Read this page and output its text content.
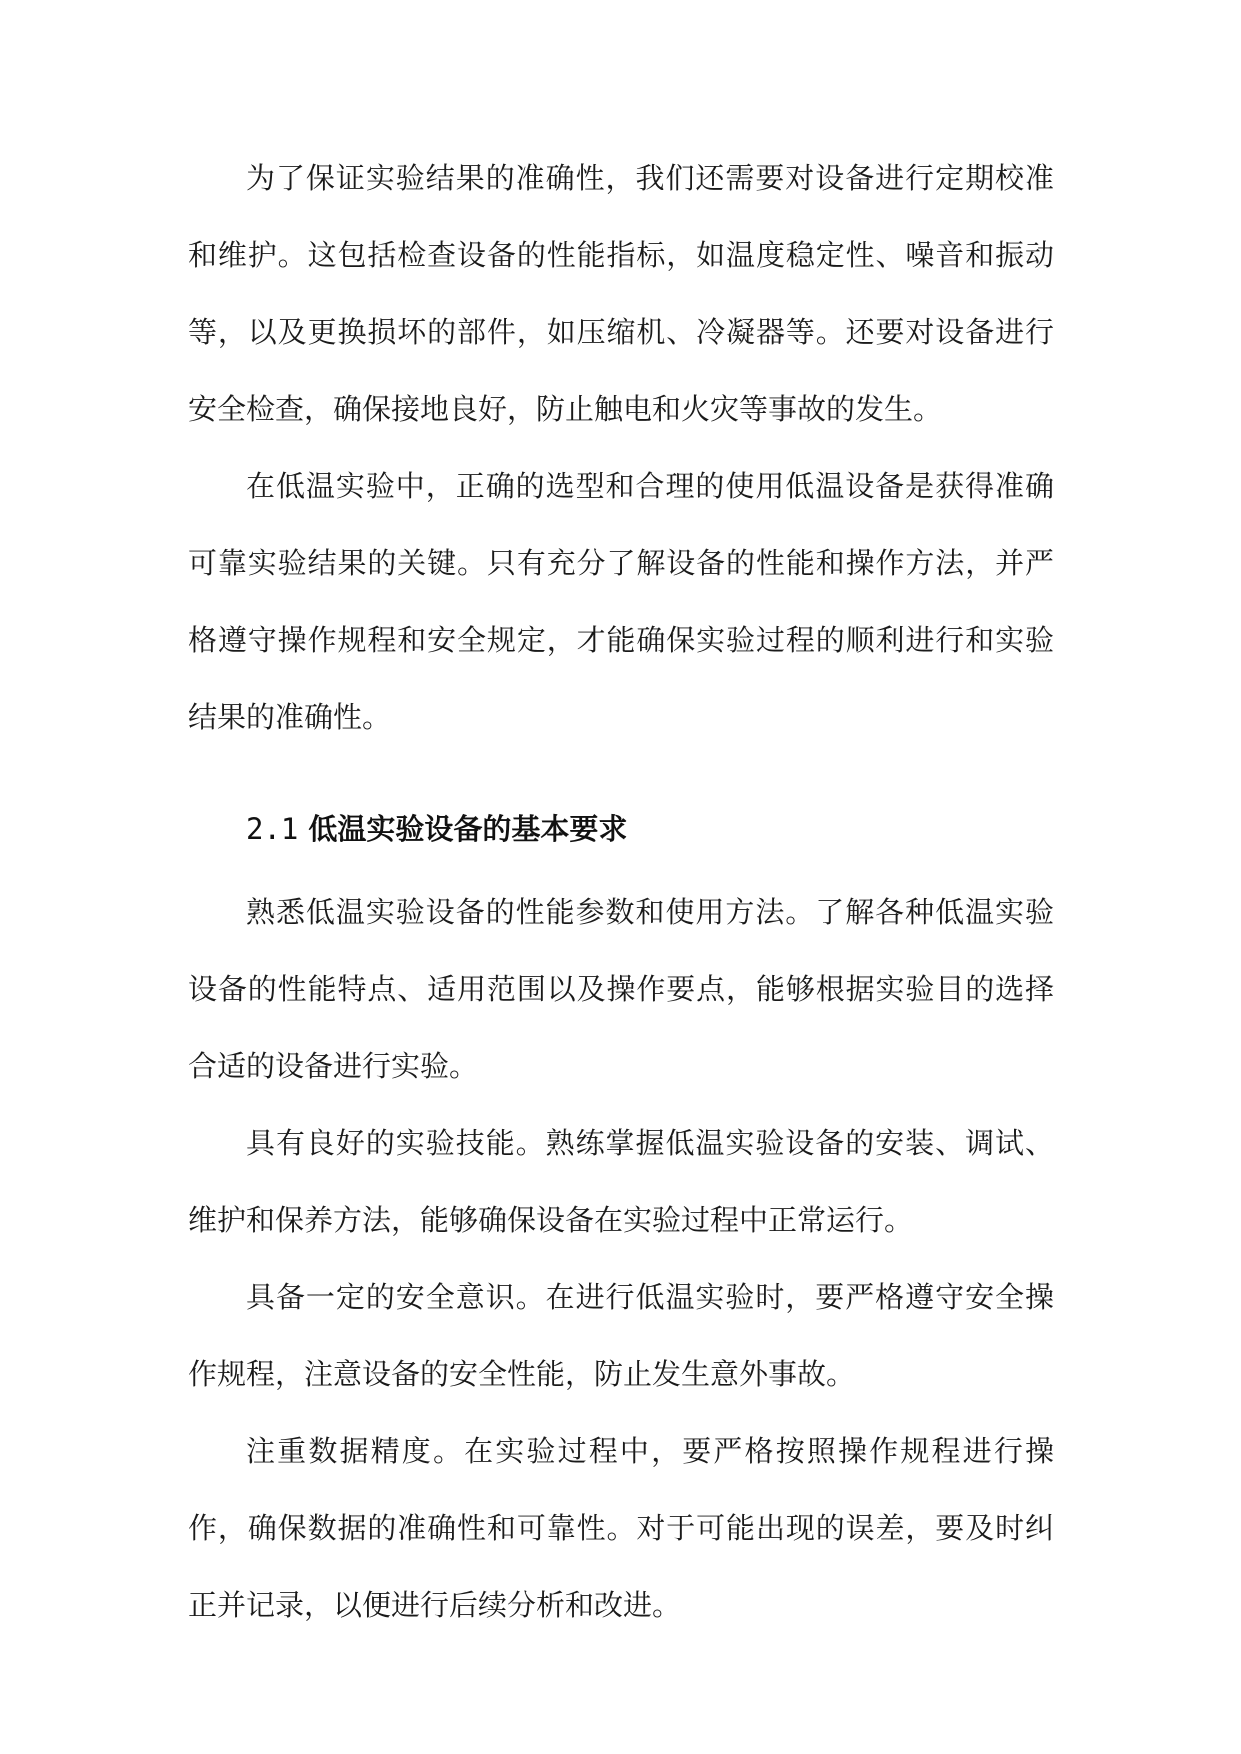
为了保证实验结果的准确性，我们还需要对设备进行定期校准和维护。这包括检查设备的性能指标，如温度稳定性、噪音和振动等，以及更换损坏的部件，如压缩机、冷凝器等。还要对设备进行安全检查，确保接地良好，防止触电和火灾等事故的发生。

在低温实验中，正确的选型和合理的使用低温设备是获得准确可靠实验结果的关键。只有充分了解设备的性能和操作方法，并严格遵守操作规程和安全规定，才能确保实验过程的顺利进行和实验结果的准确性。

2.1 低温实验设备的基本要求

熟悉低温实验设备的性能参数和使用方法。了解各种低温实验设备的性能特点、适用范围以及操作要点，能够根据实验目的选择合适的设备进行实验。

具有良好的实验技能。熟练掌握低温实验设备的安装、调试、维护和保养方法，能够确保设备在实验过程中正常运行。

具备一定的安全意识。在进行低温实验时，要严格遵守安全操作规程，注意设备的安全性能，防止发生意外事故。

注重数据精度。在实验过程中，要严格按照操作规程进行操作，确保数据的准确性和可靠性。对于可能出现的误差，要及时纠正并记录，以便进行后续分析和改进。
